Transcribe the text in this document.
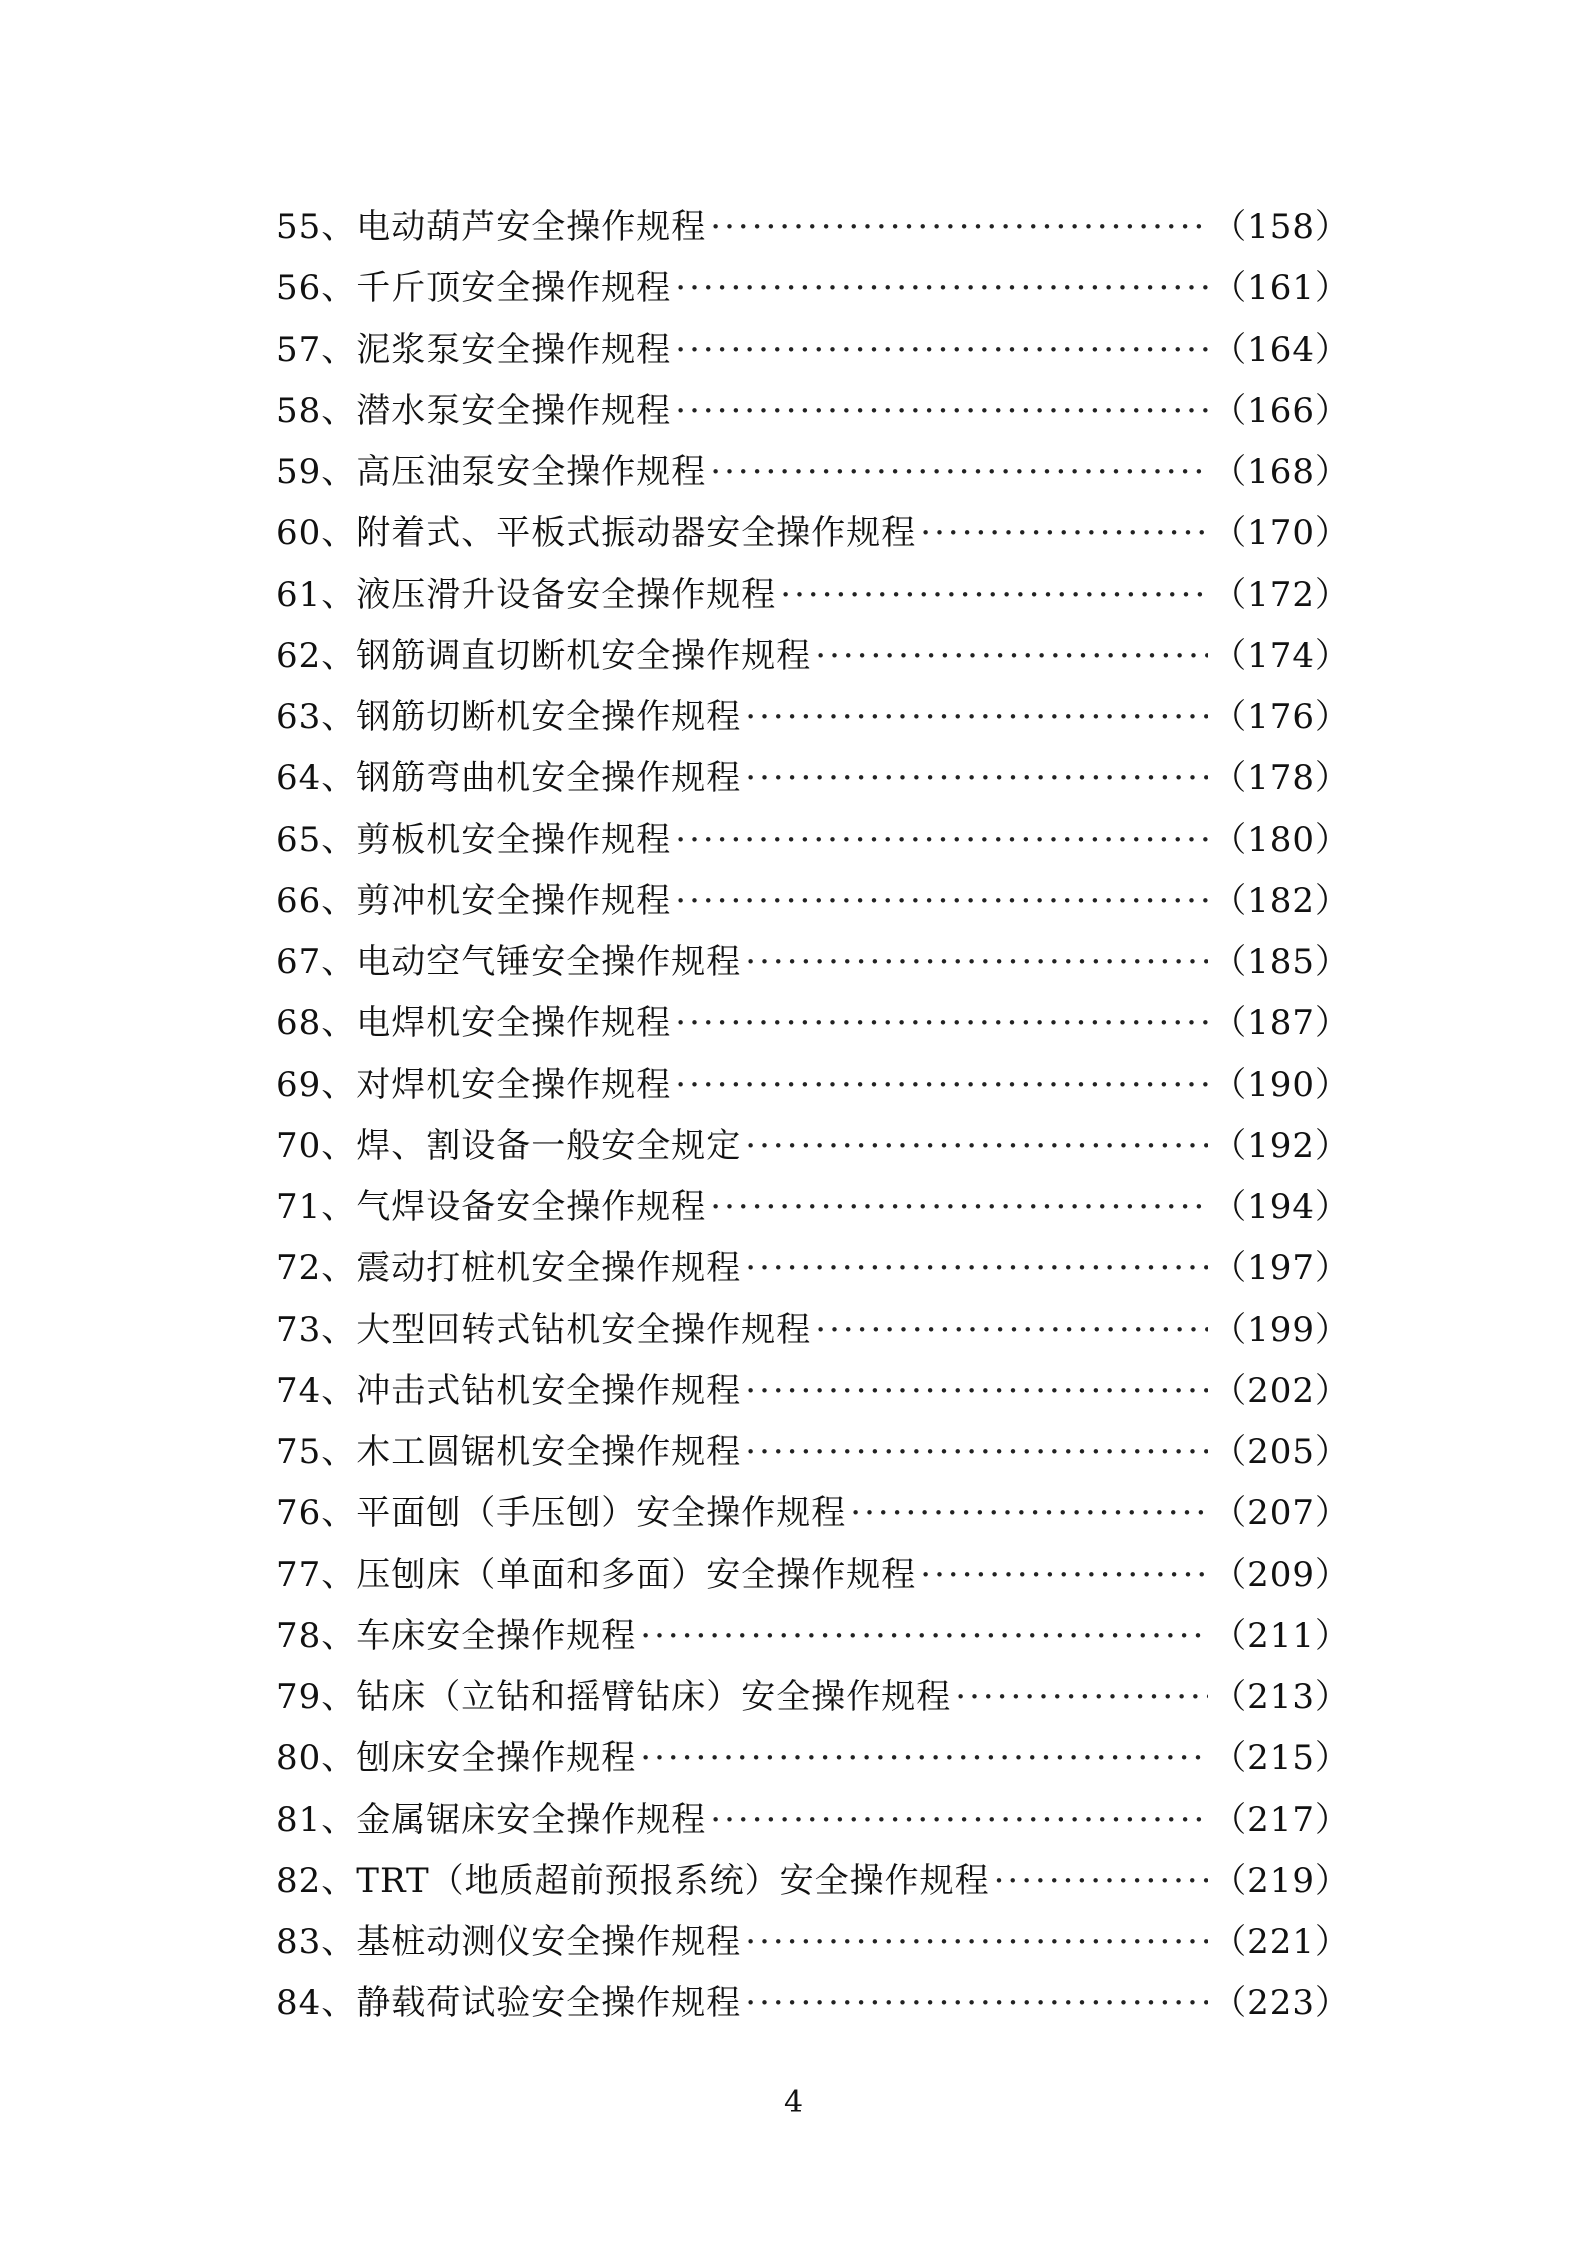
55、电动葫芦安全操作规程 ·····	（158）
56、千斤顶安全操作规程 ·····	（161）
57、泥浆泵安全操作规程 ·····	（164）
58、潜水泵安全操作规程 ·····	（166）
59、高压油泵安全操作规程 ·····	（168）
60、附着式、平板式振动器安全操作规程 ·····	（170）
61、液压滑升设备安全操作规程 ·····	（172）
62、钢筋调直切断机安全操作规程 ·····	（174）
63、钢筋切断机安全操作规程 ·····	（176）
64、钢筋弯曲机安全操作规程 ·····	（178）
65、剪板机安全操作规程 ·····	（180）
66、剪冲机安全操作规程 ·····	（182）
67、电动空气锤安全操作规程 ·····	（185）
68、电焊机安全操作规程 ·····	（187）
69、对焊机安全操作规程 ·····	（190）
70、焊、割设备一般安全规定 ·····	（192）
71、气焊设备安全操作规程 ·····	（194）
72、震动打桩机安全操作规程 ·····	（197）
73、大型回转式钻机安全操作规程 ·····	（199）
74、冲击式钻机安全操作规程 ·····	（202）
75、木工圆锯机安全操作规程 ·····	（205）
76、平面刨（手压刨）安全操作规程 ·····	（207）
77、压刨床（单面和多面）安全操作规程 ·····	（209）
78、车床安全操作规程 ·····	（211）
79、钻床（立钻和摇臂钻床）安全操作规程 ·····	（213）
80、刨床安全操作规程 ·····	（215）
81、金属锯床安全操作规程 ·····	（217）
82、TRT（地质超前预报系统）安全操作规程 ·····	（219）
83、基桩动测仪安全操作规程 ·····	（221）
84、静载荷试验安全操作规程 ·····	（223）
4
